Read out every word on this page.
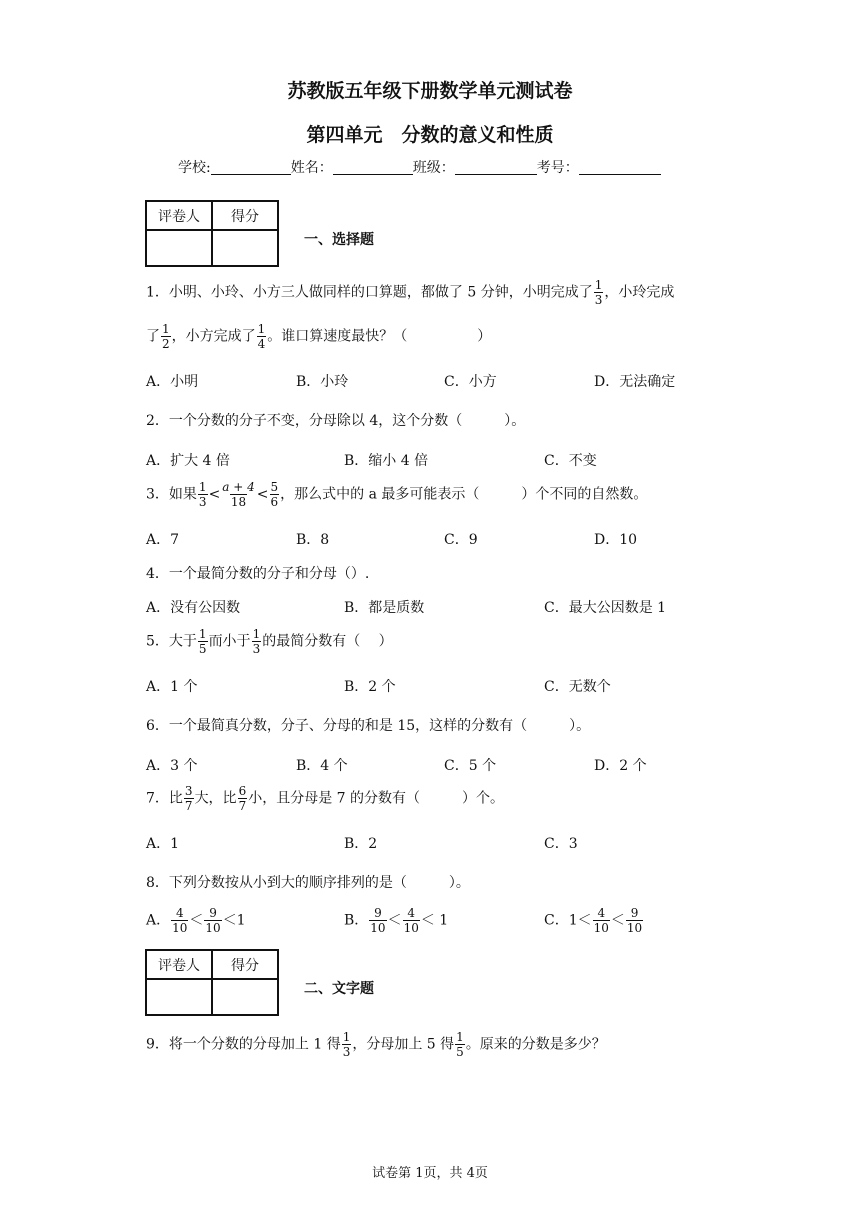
苏教版五年级下册数学单元测试卷
第四单元　分数的意义和性质
学校:	姓名：	班级：	考号：
评卷人	得分

一、选择题
1．小明、小玲、小方三人做同样的口算题，都做了 5 分钟，小明完成了 $\frac{1}{3}$ ，小玲完成
了 $\frac{1}{2}$ ，小方完成了 $\frac{1}{4}$ 。谁口算速度最快？（　　　　　）
A．小明	B．小玲	C．小方	D．无法确定
2．一个分数的分子不变，分母除以 4，这个分数（　　　）。
A．扩大 4 倍	B．缩小 4 倍	C．不变
3．如果 $\frac{1}{3} < \frac{a + 4}{18} < \frac{5}{6}$ ，那么式中的 a 最多可能表示（　　　）个不同的自然数。
A．7	B．8	C．9	D．10
4．一个最简分数的分子和分母（）.
A．没有公因数	B．都是质数	C．最大公因数是 1
5．大于 $\frac{1}{5}$ 而小于 $\frac{1}{3}$ 的最简分数有（　 ）
A．1 个	B．2 个	C．无数个
6．一个最简真分数，分子、分母的和是 15，这样的分数有（　　　）。
A．3 个	B．4 个	C．5 个	D．2 个
7．比 $\frac{3}{7}$ 大，比 $\frac{6}{7}$ 小，且分母是 7 的分数有（　　　）个。
A．1	B．2	C．3
8．下列分数按从小到大的顺序排列的是（　　　）。
A． $\frac{4}{10} < \frac{9}{10} <1$	B． $\frac{9}{10} < \frac{4}{10} < 1$	C．$1< \frac{4}{10} < \frac{9}{10}$
评卷人	得分

二、文字题
9．将一个分数的分母加上 1 得 $\frac{1}{3}$ ，分母加上 5 得 $\frac{1}{5}$ 。原来的分数是多少？
试卷第 1页，共 4页
